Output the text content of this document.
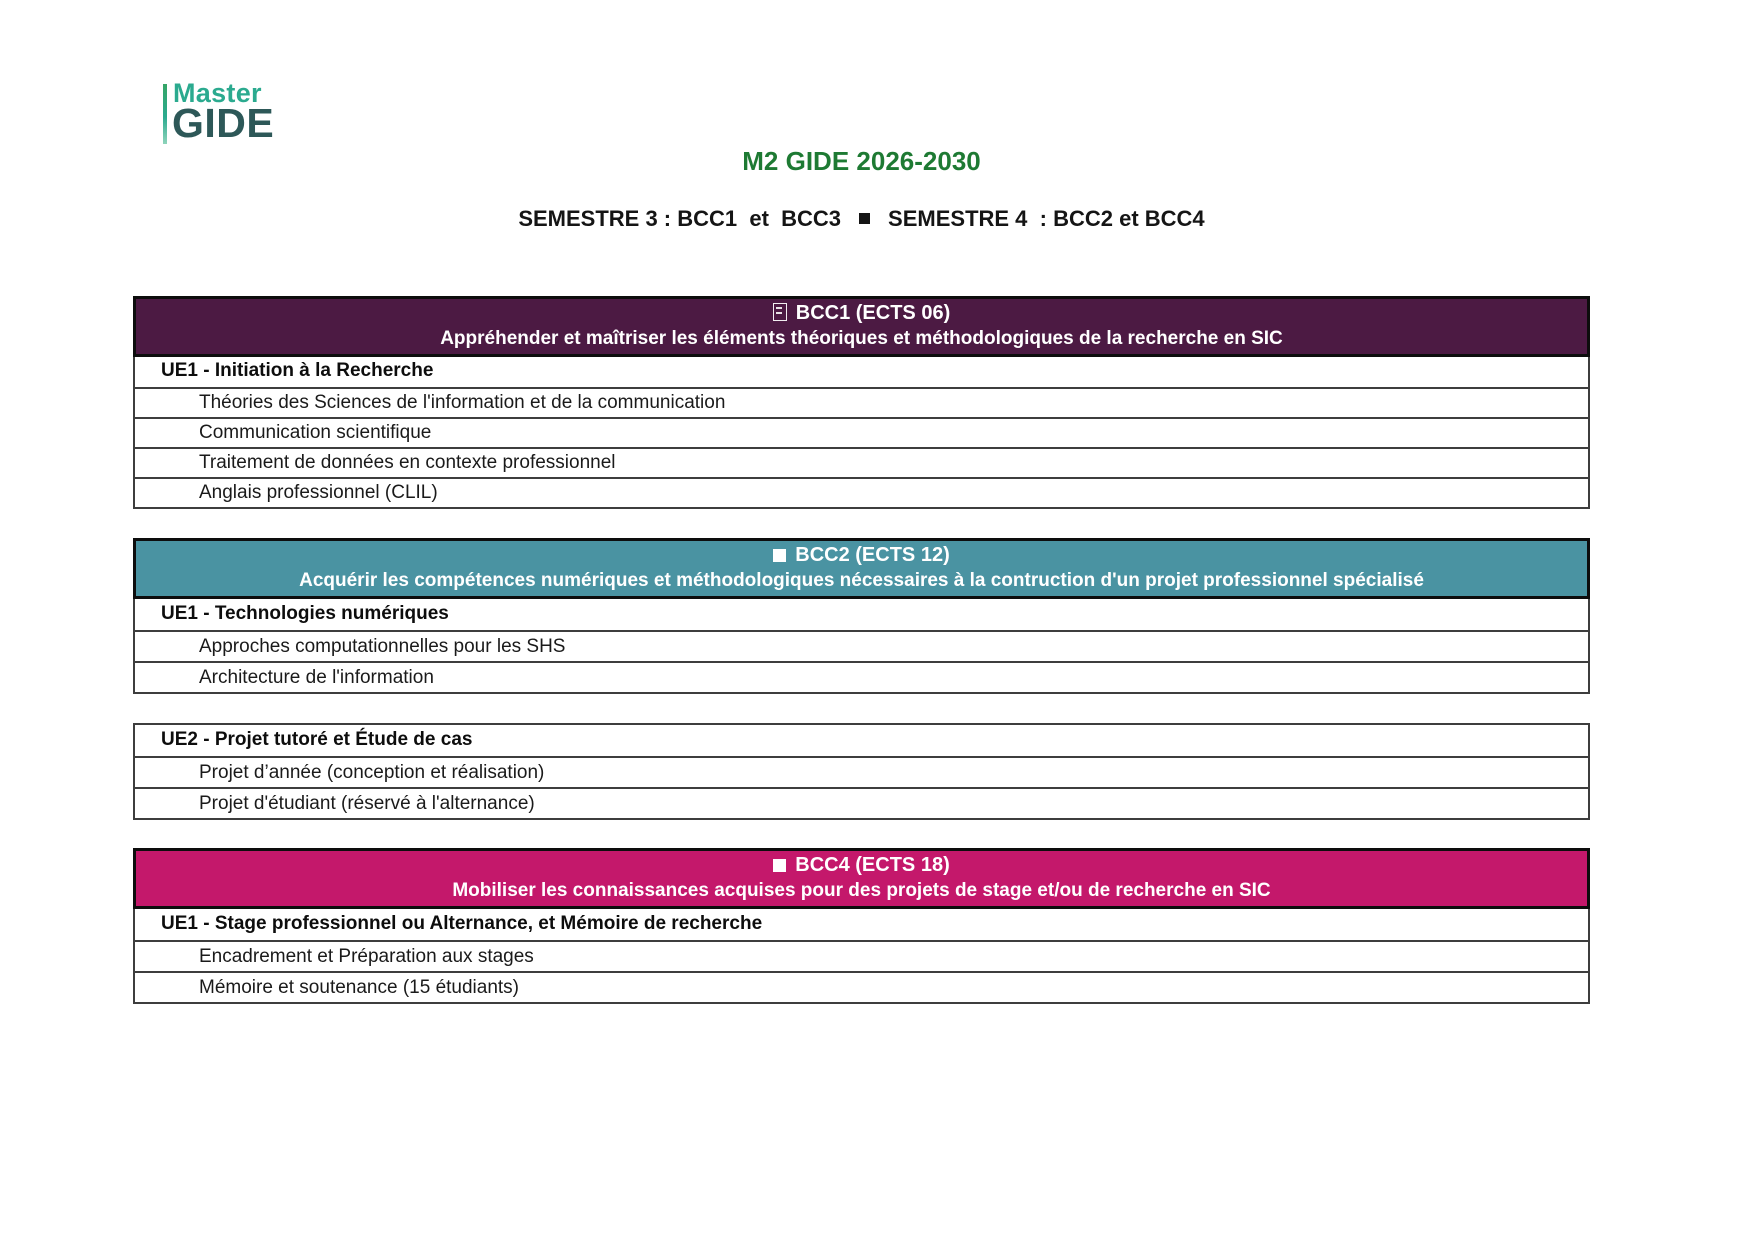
Master
GIDE
M2 GIDE 2026-2030
SEMESTRE 3 : BCC1  et  BCC3 SEMESTRE 4  : BCC2 et BCC4
BCC1 (ECTS 06)
Appréhender et maîtriser les éléments théoriques et méthodologiques de la recherche en SIC
UE1 - Initiation à la Recherche
Théories des Sciences de l'information et de la communication
Communication scientifique
Traitement de données en contexte professionnel
Anglais professionnel (CLIL)
BCC2 (ECTS 12)
Acquérir les compétences numériques et méthodologiques nécessaires à la contruction d'un projet professionnel spécialisé
UE1 - Technologies numériques
Approches computationnelles pour les SHS
Architecture de l'information
UE2 - Projet tutoré et Étude de cas
Projet d’année (conception et réalisation)
Projet d'étudiant (réservé à l'alternance)
BCC4 (ECTS 18)
Mobiliser les connaissances acquises pour des projets de stage et/ou de recherche en SIC
UE1 - Stage professionnel ou Alternance, et Mémoire de recherche
Encadrement et Préparation aux stages
Mémoire et soutenance (15 étudiants)
